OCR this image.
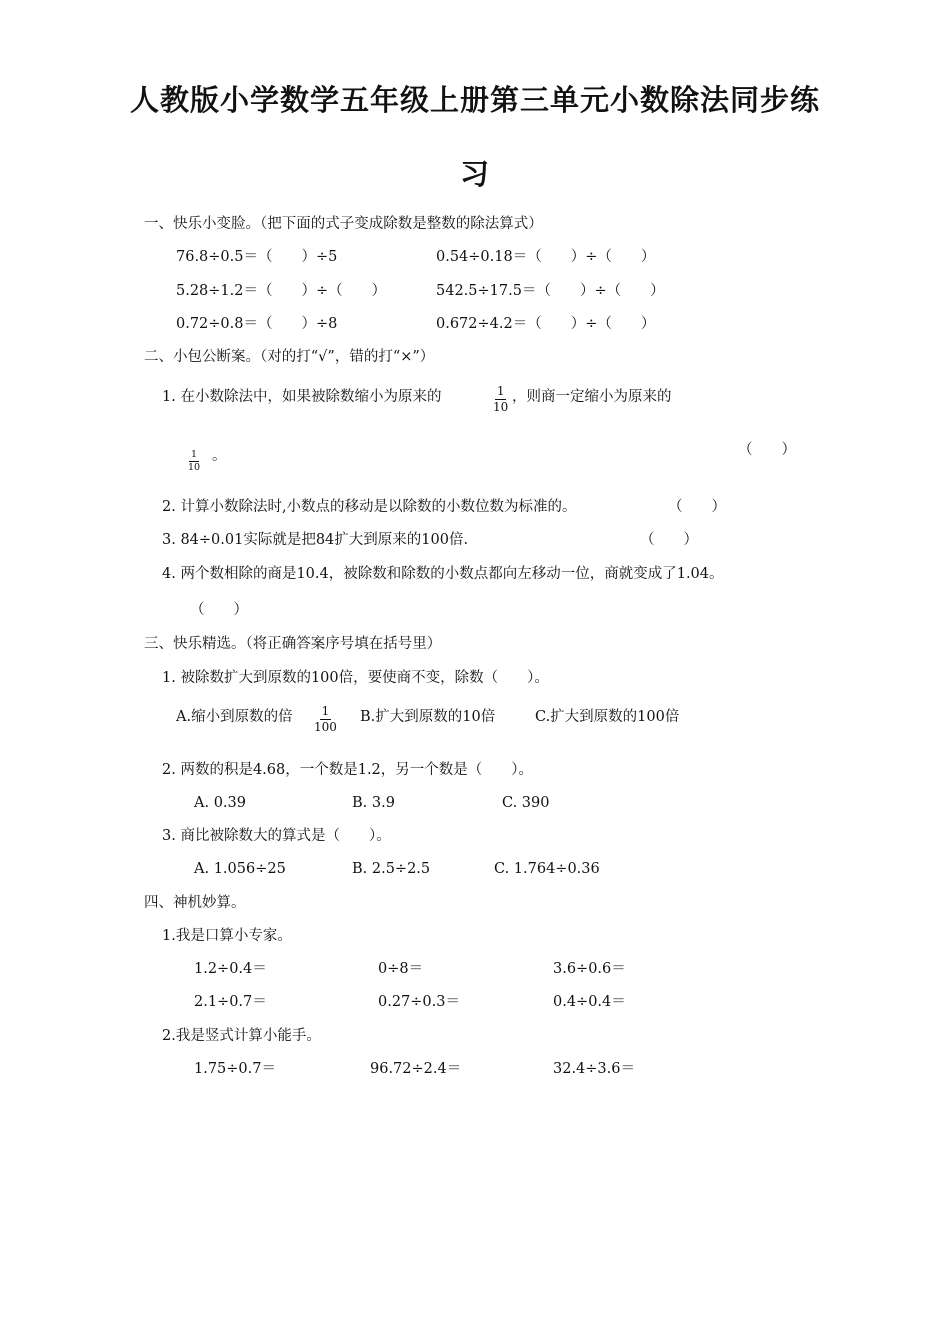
人教版小学数学五年级上册第三单元小数除法同步练
习
一、快乐小变脸。（把下面的式子变成除数是整数的除法算式）
76.8÷0.5＝（　　）÷5	0.54÷0.18＝（　　）÷（　　）
5.28÷1.2＝（　　）÷（　　）	542.5÷17.5＝（　　）÷（　　）
0.72÷0.8＝（　　）÷8	0.672÷4.2＝（　　）÷（　　）
二、小包公断案。（对的打“√”，错的打“×”）
1. 在小数除法中，如果被除数缩小为原来的	$\frac{1}{10}$ ，则商一定缩小为原来的
$\frac{1}{10}$ 。	（　　）
2. 计算小数除法时,小数点的移动是以除数的小数位数为标准的。	（　　）
3. 84÷0.01实际就是把84扩大到原来的100倍.	（　　）
4. 两个数相除的商是10.4，被除数和除数的小数点都向左移动一位，商就变成了1.04。
（　　）
三、快乐精选。（将正确答案序号填在括号里）
1. 被除数扩大到原数的100倍，要使商不变，除数（　　）。
A.缩小到原数的倍 $\frac{1}{100} B$.扩大到原数的10倍	C.扩大到原数的100倍
2. 两数的积是4.68，一个数是1.2，另一个数是（　　）。
A. 0.39	B. 3.9	C. 390
3. 商比被除数大的算式是（　　）。
A. 1.056÷25	B. 2.5÷2.5	C. 1.764÷0.36
四、神机妙算。
1.我是口算小专家。
1.2÷0.4＝	0÷8＝	3.6÷0.6＝
2.1÷0.7＝	0.27÷0.3＝	0.4÷0.4＝
2.我是竖式计算小能手。
1.75÷0.7＝	96.72÷2.4＝	32.4÷3.6＝
